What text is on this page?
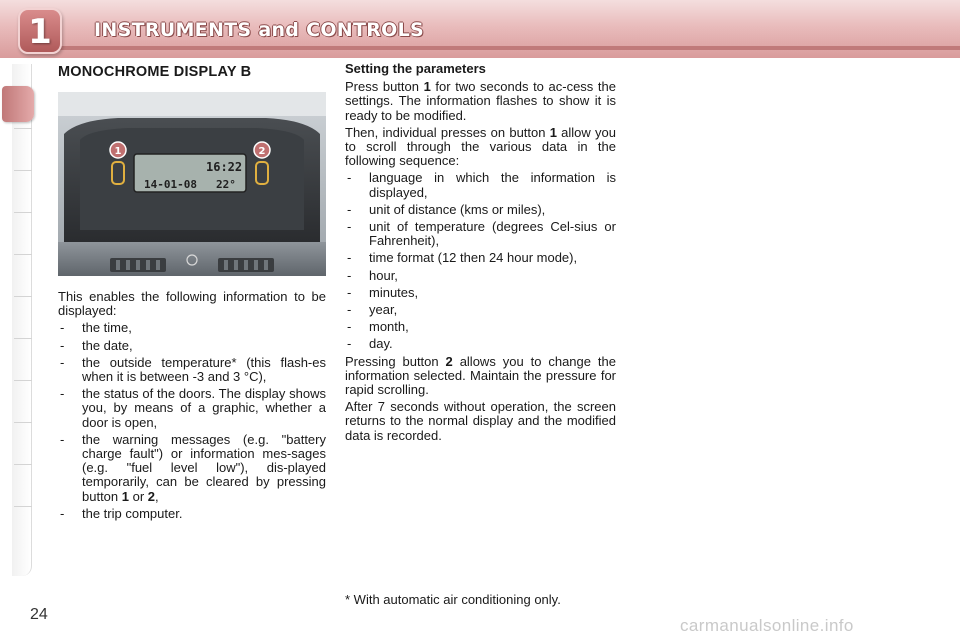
1	INSTRUMENTS and CONTROLS
MONOCHROME DISPLAY B
16:22
14-01-08 22°
1	2

This enables the following information to be displayed:

- the time,
- the date,
- the outside temperature* (this flash-es when it is between -3 and 3 °C),
- the status of the doors. The display shows you, by means of a graphic, whether a door is open,
- the warning messages (e.g. "battery charge fault") or information mes-sages (e.g. "fuel level low"), dis-played temporarily, can be cleared by pressing button 1 or 2,
- the trip computer.

Setting the parameters

Press button 1 for two seconds to ac-cess the settings. The information flashes to show it is ready to be modified.

Then, individual presses on button 1 allow you to scroll through the various data in the following sequence:

- language in which the information is displayed,
- unit of distance (kms or miles),
- unit of temperature (degrees Cel-sius or Fahrenheit),
- time format (12 then 24 hour mode),
- hour,
- minutes,
- year,
- month,
- day.

Pressing button 2 allows you to change the information selected. Maintain the pressure for rapid scrolling.

After 7 seconds without operation, the screen returns to the normal display and the modified data is recorded.

* With automatic air conditioning only.
24
carmanualsonline.info
